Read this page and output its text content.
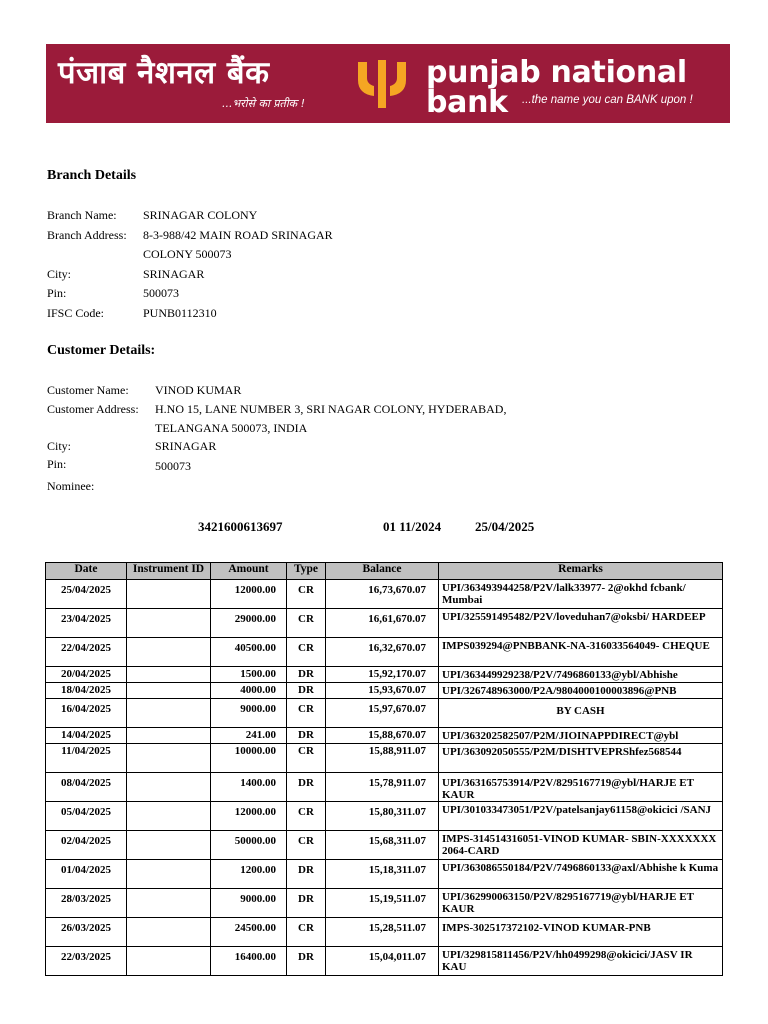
पंजाब नैशनल बैंक
...भरोसे का प्रतीक !
punjab national bank	...the name you can BANK upon !
Branch Details
Branch Name: SRINAGAR COLONY
Branch Address: 8-3-988/42 MAIN ROAD SRINAGAR
COLONY 500073
City:	SRINAGAR
Pin:	500073
IFSC Code:	PUNB0112310
Customer Details:
Customer Name: VINOD KUMAR
Customer Address: H.NO 15, LANE NUMBER 3, SRI NAGAR COLONY, HYDERABAD,
TELANGANA 500073, INDIA
City:	SRINAGAR
Pin:	500073
Nominee:
3421600613697	01 11/2024	25/04/2025
Date	Instrument ID	Amount	Type	Balance	Remarks

25/04/2025		12000.00	CR	16,73,670.07	UPI/363493944258/P2V/lalk33977- 2@okhd fcbank/ Mumbai

23/04/2025		29000.00	CR	16,61,670.07	UPI/325591495482/P2V/loveduhan7@oksbi/ HARDEEP

22/04/2025		40500.00	CR	16,32,670.07	IMPS039294@PNBBANK-NA-316033564049- CHEQUE

20/04/2025		1500.00	DR	15,92,170.07	UPI/363449929238/P2V/7496860133@ybl/Abhishe

18/04/2025		4000.00	DR	15,93,670.07	UPI/326748963000/P2A/9804000100003896@PNB

16/04/2025		9000.00	CR	15,97,670.07	BY CASH

14/04/2025		241.00	DR	15,88,670.07	UPI/363202582507/P2M/JIOINAPPDIRECT@ybl

11/04/2025		10000.00	CR	15,88,911.07	UPI/363092050555/P2M/DISHTVEPRShfez568544

08/04/2025		1400.00	DR	15,78,911.07	UPI/363165753914/P2V/8295167719@ybl/HARJE ET KAUR

05/04/2025		12000.00	CR	15,80,311.07	UPI/301033473051/P2V/patelsanjay61158@okicici /SANJ

02/04/2025		50000.00	CR	15,68,311.07	IMPS-314514316051-VINOD KUMAR- SBIN-XXXXXXX 2064-CARD

01/04/2025		1200.00	DR	15,18,311.07	UPI/363086550184/P2V/7496860133@axl/Abhishe k Kuma

28/03/2025		9000.00	DR	15,19,511.07	UPI/362990063150/P2V/8295167719@ybl/HARJE ET KAUR

26/03/2025		24500.00	CR	15,28,511.07	IMPS-302517372102-VINOD KUMAR-PNB

22/03/2025		16400.00	DR	15,04,011.07	UPI/329815811456/P2V/hh0499298@okicici/JASV IR KAU
